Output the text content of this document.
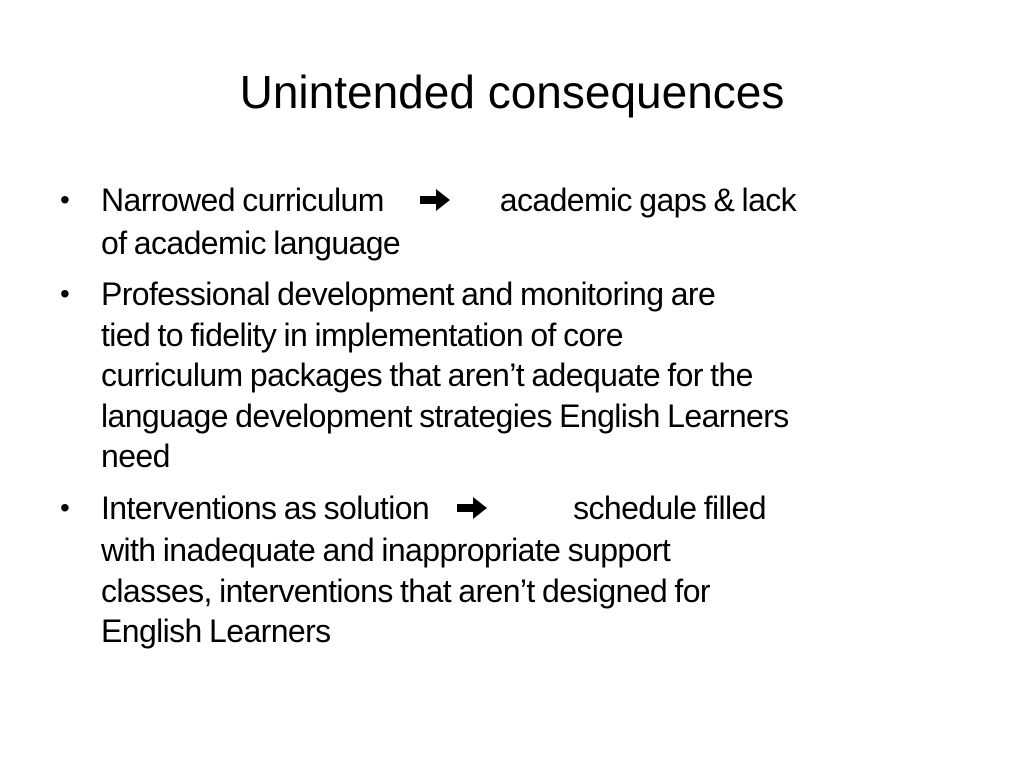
Unintended consequences
• Narrowed curriculum	academic gaps & lack
of academic language
• Professional development and monitoring are
tied to fidelity in implementation of core
curriculum packages that aren’t adequate for the
language development strategies English Learners
need
• Interventions as solution	schedule filled
with inadequate and inappropriate support
classes, interventions that aren’t designed for
English Learners
